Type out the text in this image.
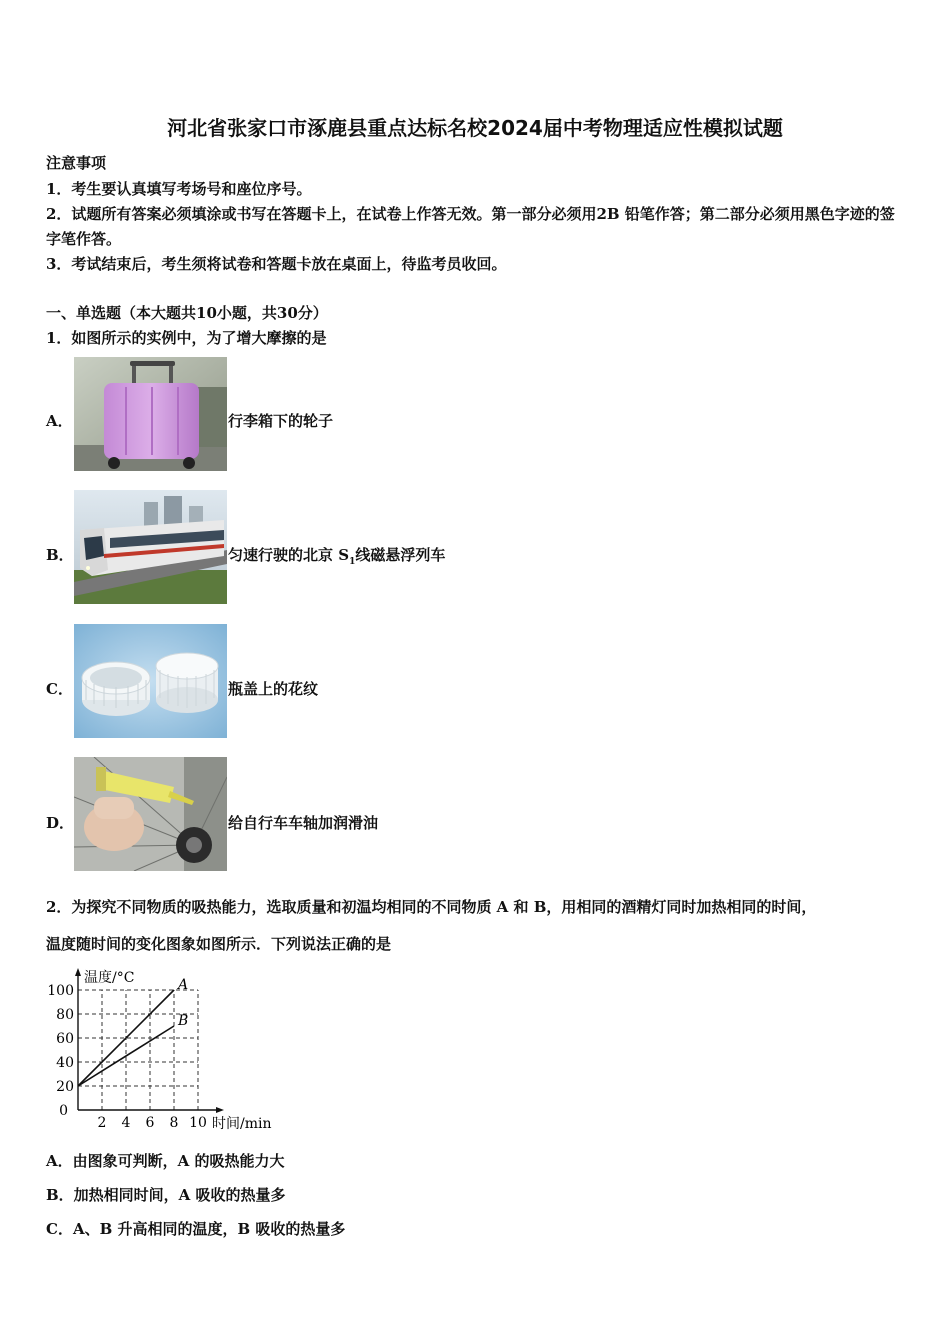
河北省张家口市涿鹿县重点达标名校2024届中考物理适应性模拟试题
注意事项
1．考生要认真填写考场号和座位序号。
2．试题所有答案必须填涂或书写在答题卡上，在试卷上作答无效。第一部分必须用2B 铅笔作答；第二部分必须用黑色字迹的签字笔作答。
3．考试结束后，考生须将试卷和答题卡放在桌面上，待监考员收回。
一、单选题（本大题共10小题，共30分）
1．如图所示的实例中，为了增大摩擦的是
A．	行李箱下的轮子
B．	匀速行驶的北京 $S_1$线磁悬浮列车
C．	瓶盖上的花纹
D．	给自行车车轴加润滑油
2．为探究不同物质的吸热能力，选取质量和初温均相同的不同物质 A 和 B，用相同的酒精灯同时加热相同的时间，
温度随时间的变化图象如图所示．下列说法正确的是
20
40
60
80
100
0
2 4 6 8 10 时间/min
温度/°C	A
B
A．由图象可判断，A 的吸热能力大
B．加热相同时间，A 吸收的热量多
C．A、B 升高相同的温度，B 吸收的热量多
